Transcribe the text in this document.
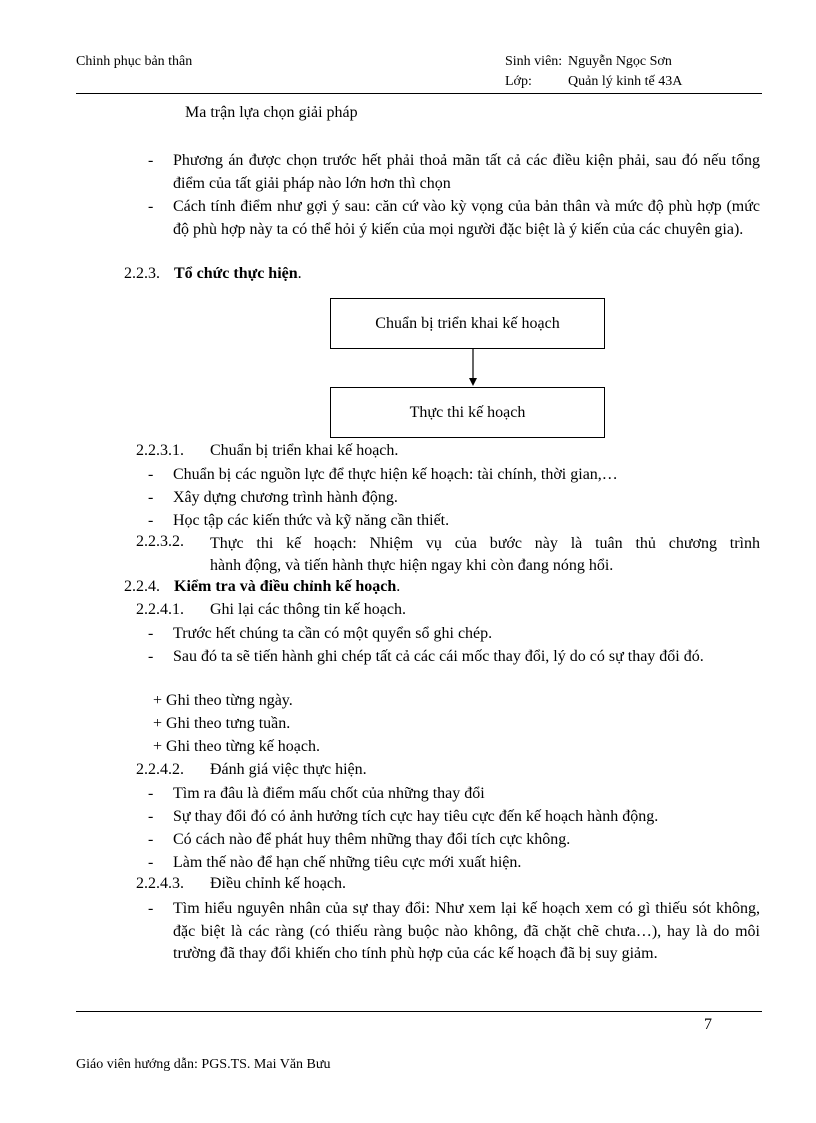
Chinh phục bản thân	Sinh viên: Nguyễn Ngọc Sơn
Lớp:	Quản lý kinh tế 43A
Ma trận lựa chọn giải pháp
- Phương án được chọn trước hết phải thoả mãn tất cả các điều kiện phải, sau đó nếu tổng điểm của tất giải pháp nào lớn hơn thì chọn
- Cách tính điểm như gợi ý sau: căn cứ vào kỳ vọng của bản thân và mức độ phù hợp (mức độ phù hợp này ta có thể hỏi ý kiến của mọi người đặc biệt là ý kiến của các chuyên gia).
2.2.3. Tổ chức thực hiện.
Chuẩn bị triển khai kế hoạch
Thực thi kế hoạch
2.2.3.1. Chuẩn bị triển khai kế hoạch.
- Chuẩn bị các nguồn lực để thực hiện kế hoạch: tài chính, thời gian,…
- Xây dựng chương trình hành động.
- Học tập các kiến thức và kỹ năng cần thiết.
2.2.3.2. Thực thi kế hoạch: Nhiệm vụ của bước này là tuân thủ chương trình
hành động, và tiến hành thực hiện ngay khi còn đang nóng hổi.
2.2.4. Kiểm tra và điều chỉnh kế hoạch.
2.2.4.1. Ghi lại các thông tin kế hoạch.
- Trước hết chúng ta cần có một quyển sổ ghi chép.
- Sau đó ta sẽ tiến hành ghi chép tất cả các cái mốc thay đổi, lý do có sự thay đổi đó.
+ Ghi theo từng ngày.
+ Ghi theo tưng tuần.
+ Ghi theo từng kế hoạch.
2.2.4.2. Đánh giá việc thực hiện.
- Tìm ra đâu là điểm mấu chốt của những thay đổi
- Sự thay đổi đó có ảnh hưởng tích cực hay tiêu cực đến kế hoạch hành động.
- Có cách nào để phát huy thêm những thay đổi tích cực không.
- Làm thế nào để hạn chế những tiêu cực mới xuất hiện.
2.2.4.3. Điều chỉnh kế hoạch.
- Tìm hiểu nguyên nhân của sự thay đổi: Như xem lại kế hoạch xem có gì thiếu sót không, đặc biệt là các ràng (có thiếu ràng buộc nào không, đã chặt chẽ chưa…), hay là do môi trường đã thay đổi khiến cho tính phù hợp của các kế hoạch đã bị suy giảm.
7
Giáo viên hướng dẫn: PGS.TS. Mai Văn Bưu
